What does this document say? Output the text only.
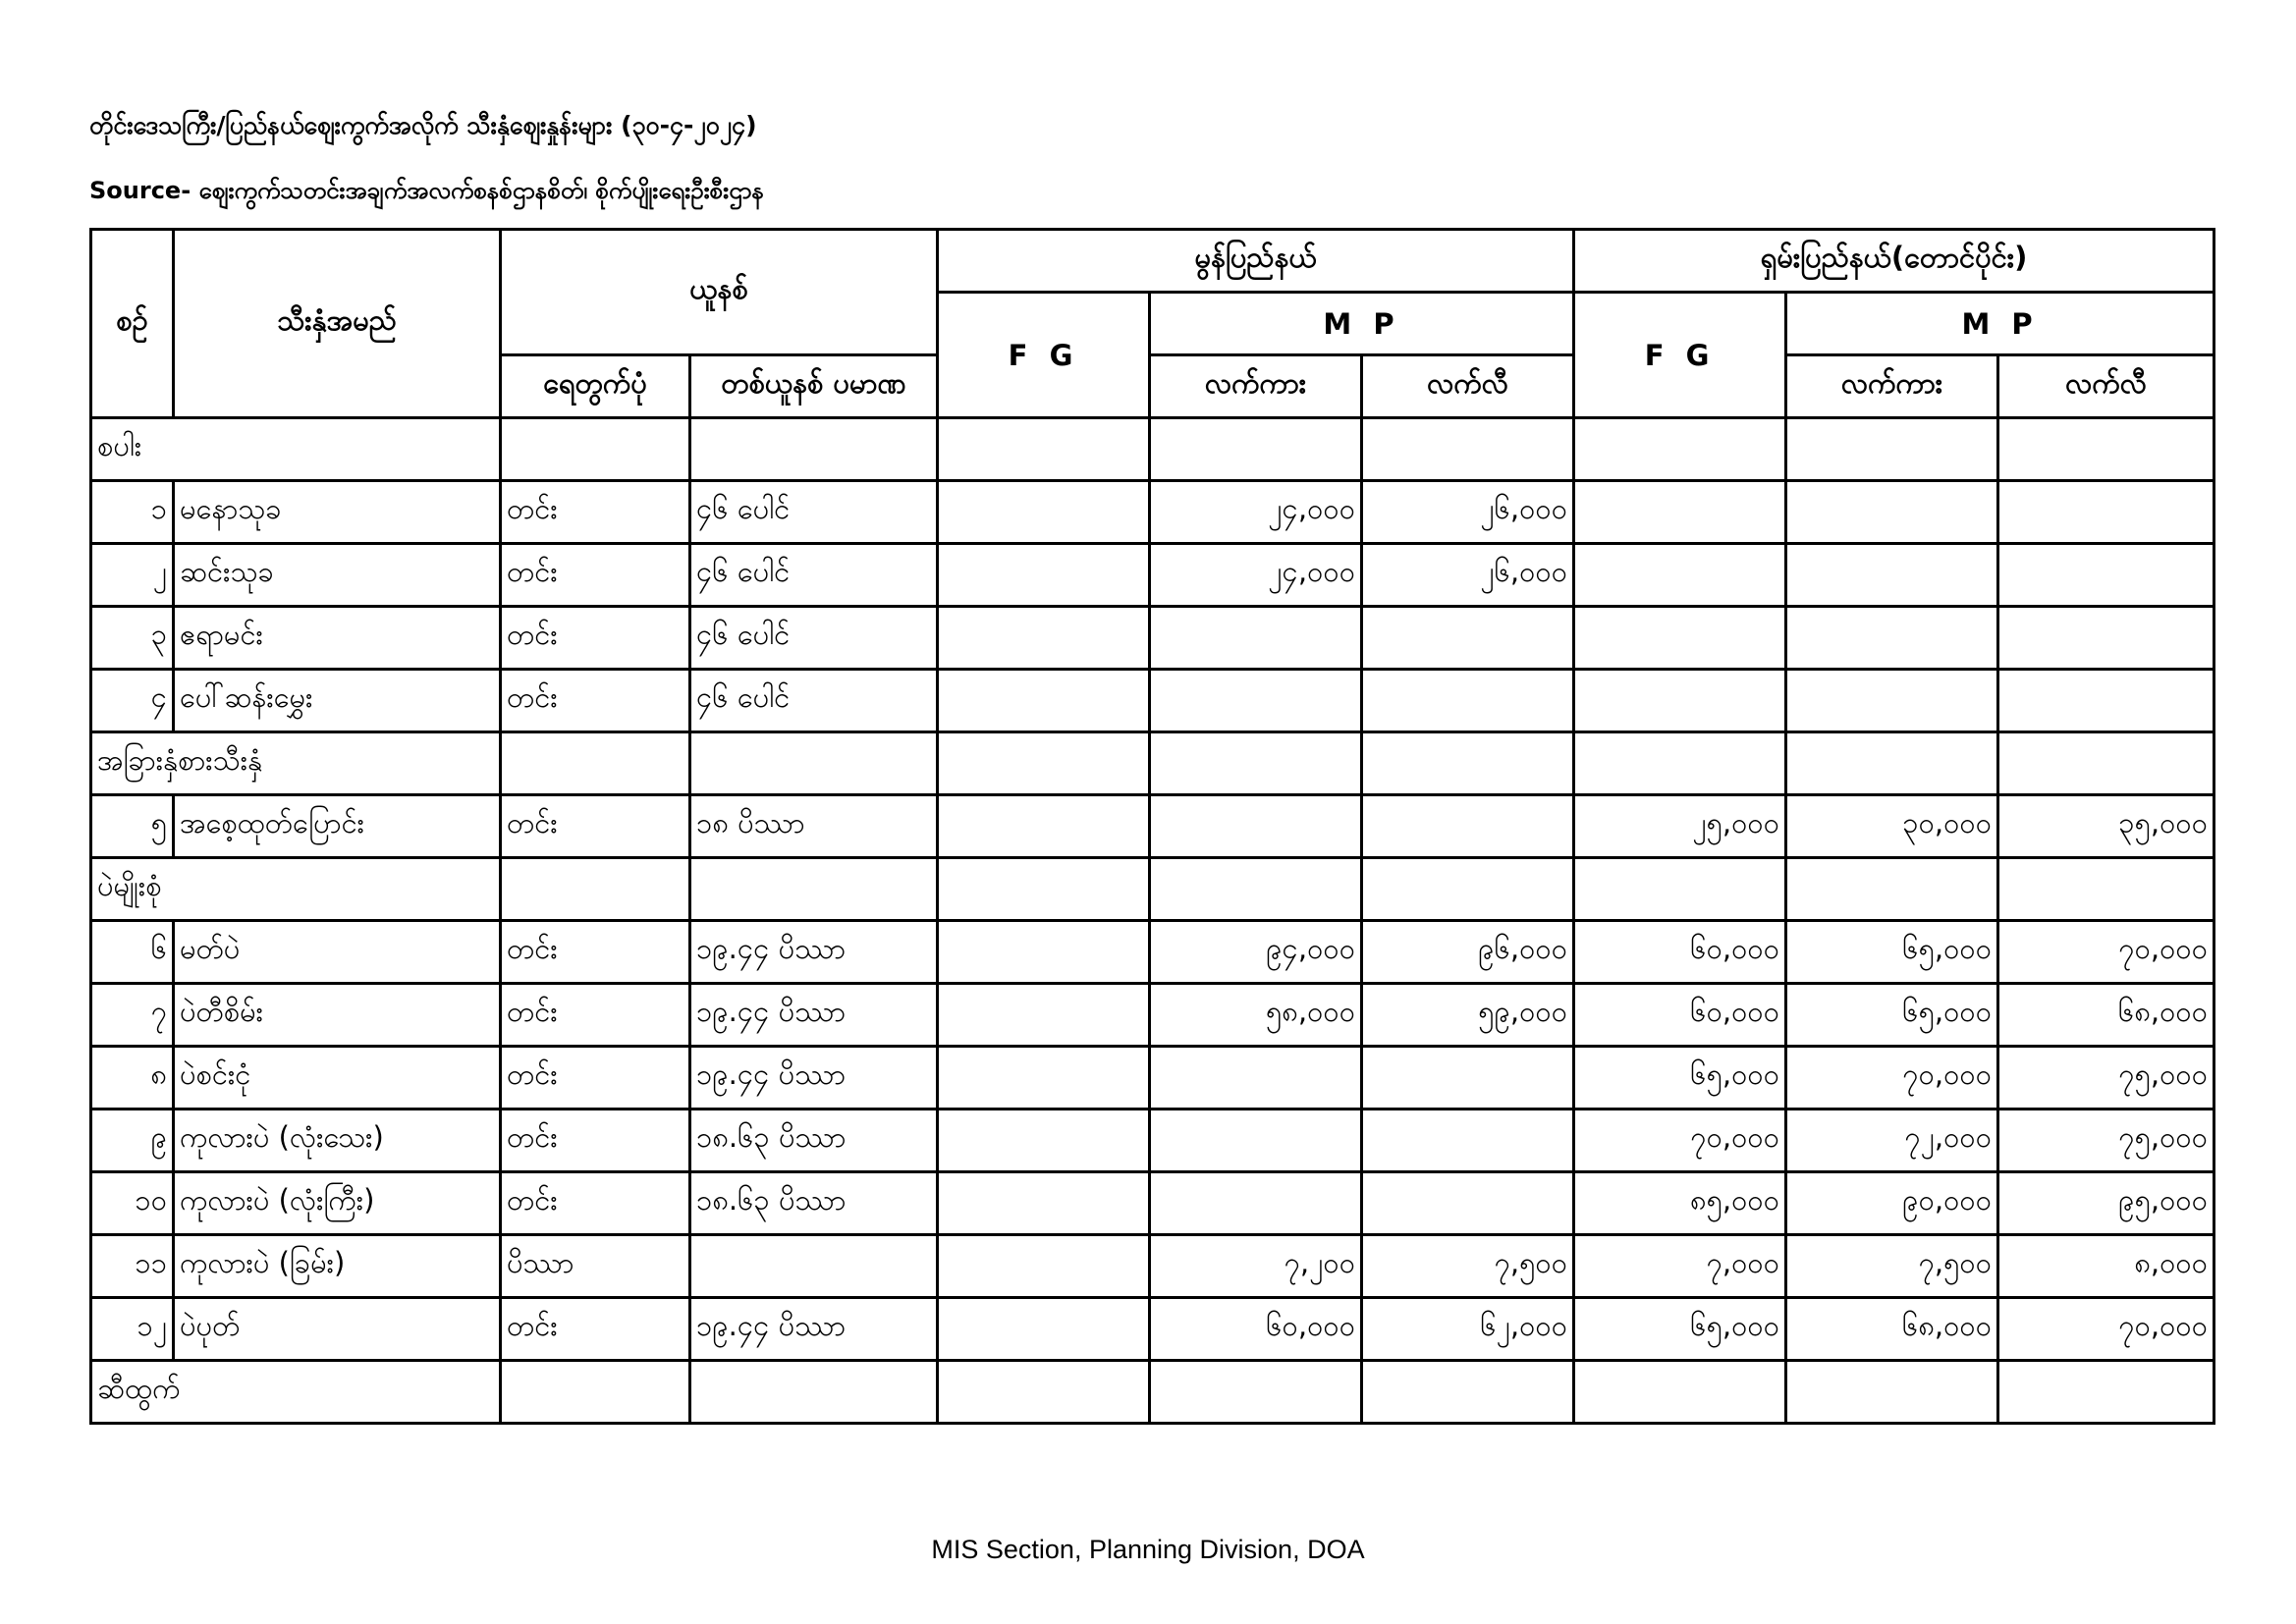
တိုင်းဒေသကြီး/ပြည်နယ်ဈေးကွက်အလိုက် သီးနှံဈေးနှုန်းများ (၃၀-၄-၂၀၂၄)
Source- ဈေးကွက်သတင်းအချက်အလက်စနစ်ဌာနစိတ်၊ စိုက်ပျိုးရေးဦးစီးဌာန
စဉ်	သီးနှံအမည်	ယူနစ်		မွန်ပြည်နယ်			ရှမ်းပြည်နယ်(တောင်ပိုင်း)		
				F G	M P		F G	M P	
		ရေတွက်ပုံ	တစ်ယူနစ် ပမာဏ		လက်ကား	လက်လီ		လက်ကား	လက်လီ
စပါး									
၁	မနောသုခ	တင်း	၄၆ ပေါင်		၂၄,၀၀၀	၂၆,၀၀၀			
၂	ဆင်းသုခ	တင်း	၄၆ ပေါင်		၂၄,၀၀၀	၂၆,၀၀၀			
၃	ဧရာမင်း	တင်း	၄၆ ပေါင်						
၄	ပေါ်ဆန်းမွှေး	တင်း	၄၆ ပေါင်						
အခြားနှံစားသီးနှံ									
၅	အစေ့ထုတ်ပြောင်း	တင်း	၁၈ ပိဿာ				၂၅,၀၀၀	၃၀,၀၀၀	၃၅,၀၀၀
ပဲမျိုးစုံ									
၆	မတ်ပဲ	တင်း	၁၉.၄၄ ပိဿာ		၉၄,၀၀၀	၉၆,၀၀၀	၆၀,၀၀၀	၆၅,၀၀၀	၇၀,၀၀၀
၇	ပဲတီစိမ်း	တင်း	၁၉.၄၄ ပိဿာ		၅၈,၀၀၀	၅၉,၀၀၀	၆၀,၀၀၀	၆၅,၀၀၀	၆၈,၀၀၀
၈	ပဲစင်းငုံ	တင်း	၁၉.၄၄ ပိဿာ				၆၅,၀၀၀	၇၀,၀၀၀	၇၅,၀၀၀
၉	ကုလားပဲ (လုံးသေး)	တင်း	၁၈.၆၃ ပိဿာ				၇၀,၀၀၀	၇၂,၀၀၀	၇၅,၀၀၀
၁၀	ကုလားပဲ (လုံးကြီး)	တင်း	၁၈.၆၃ ပိဿာ				၈၅,၀၀၀	၉၀,၀၀၀	၉၅,၀၀၀
၁၁	ကုလားပဲ (ခြမ်း)	ပိဿာ			၇,၂၀၀	၇,၅၀၀	၇,၀၀၀	၇,၅၀၀	၈,၀၀၀
၁၂	ပဲပုတ်	တင်း	၁၉.၄၄ ပိဿာ		၆၀,၀၀၀	၆၂,၀၀၀	၆၅,၀၀၀	၆၈,၀၀၀	၇၀,၀၀၀
ဆီထွက်									
MIS Section, Planning Division, DOA
